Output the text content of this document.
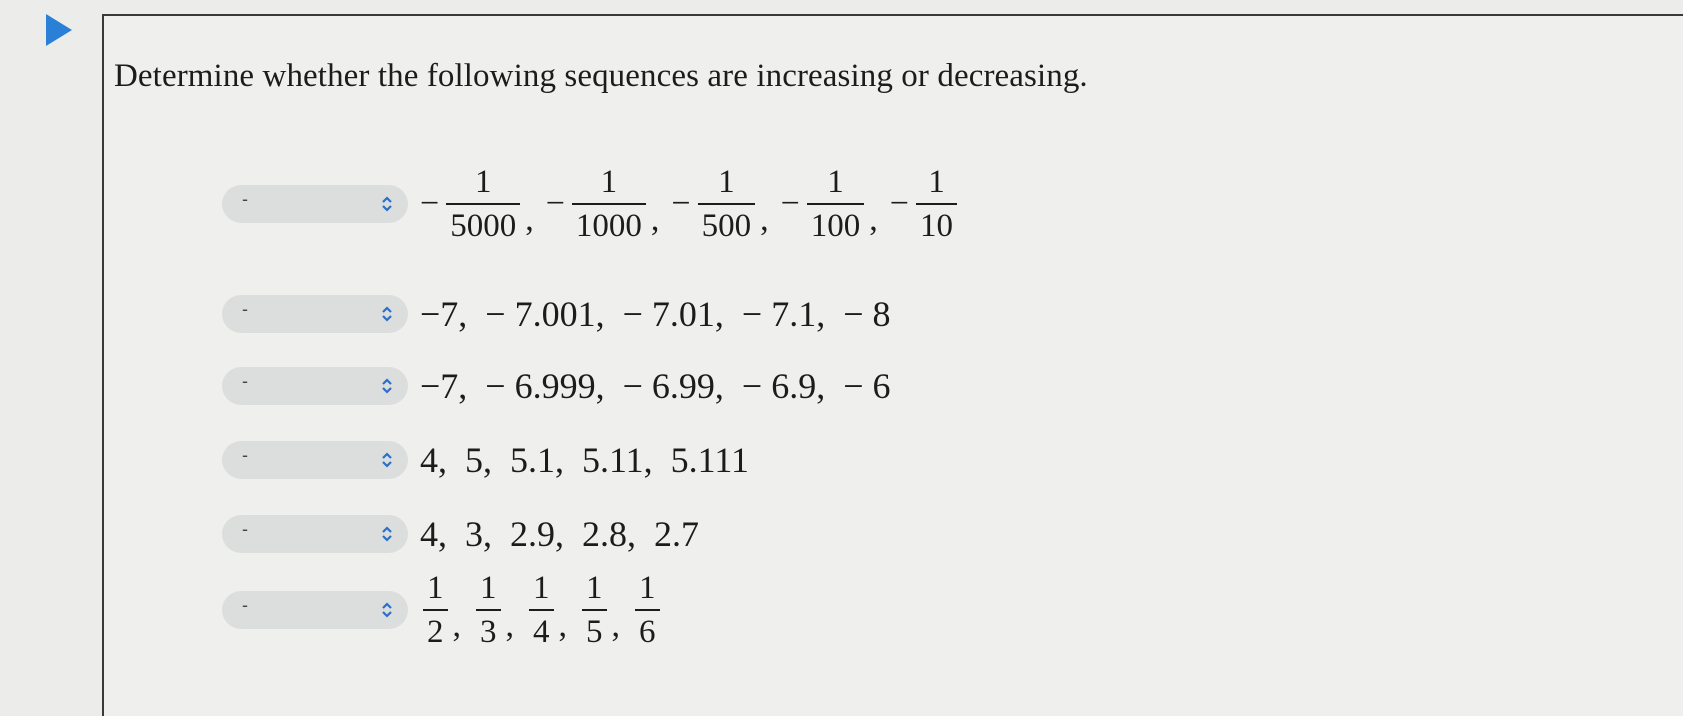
Determine whether the following sequences are increasing or decreasing.
-	− $\frac{1}{5000}$ , − $\frac{1}{1000}$ , − $\frac{1}{500}$ , − $\frac{1}{100}$ , − $\frac{1}{10}$
-	−7,  − 7.001,  − 7.01,  − 7.1,  − 8
-	−7,  − 6.999,  − 6.99,  − 6.9,  − 6
-	4,  5,  5.1,  5.11,  5.111
-	4,  3,  2.9,  2.8,  2.7
-	$\frac{1}{2}$ , $\frac{1}{3}$ , $\frac{1}{4}$ , $\frac{1}{5}$ , $\frac{1}{6}$
